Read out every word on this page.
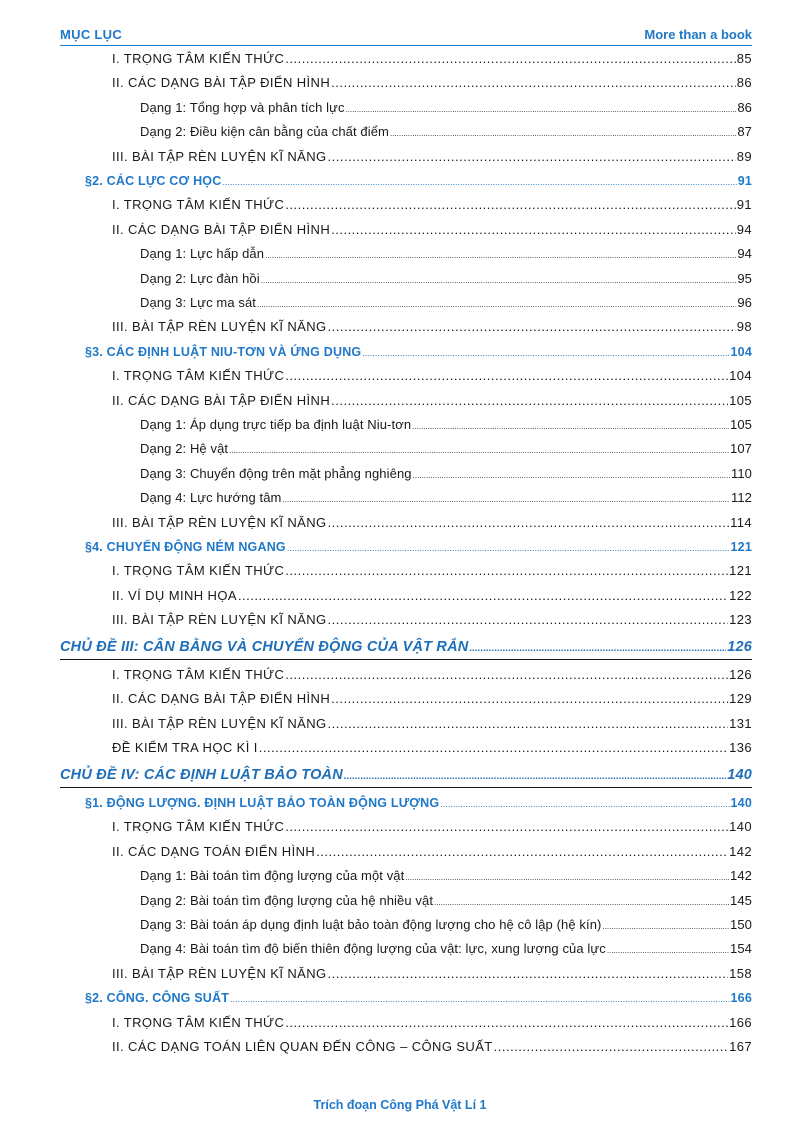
MỤC LỤC	More than a book
I. TRỌNG TÂM KIẾN THỨC .....	85
II. CÁC DẠNG BÀI TẬP ĐIỂN HÌNH .....	86
Dạng 1: Tổng hợp và phân tích lực .....	86
Dạng 2: Điều kiện cân bằng của chất điểm .....	87
III. BÀI TẬP RÈN LUYỆN KĨ NĂNG .....	89
§2. CÁC LỰC CƠ HỌC .....	91
I. TRỌNG TÂM KIẾN THỨC .....	91
II. CÁC DẠNG BÀI TẬP ĐIỂN HÌNH .....	94
Dạng 1: Lực hấp dẫn .....	94
Dạng 2: Lực đàn hồi .....	95
Dạng 3: Lực ma sát .....	96
III. BÀI TẬP RÈN LUYỆN KĨ NĂNG .....	98
§3. CÁC ĐỊNH LUẬT NIU-TƠN VÀ ỨNG DỤNG .....	104
I. TRỌNG TÂM KIẾN THỨC .....	104
II. CÁC DẠNG BÀI TẬP ĐIỂN HÌNH .....	105
Dạng 1: Áp dụng trực tiếp ba định luật Niu-tơn .....	105
Dạng 2: Hệ vật .....	107
Dạng 3: Chuyển động trên mặt phẳng nghiêng .....	110
Dạng 4: Lực hướng tâm .....	112
III. BÀI TẬP RÈN LUYỆN KĨ NĂNG .....	114
§4. CHUYỂN ĐỘNG NÉM NGANG .....	121
I. TRỌNG TÂM KIẾN THỨC .....	121
II. VÍ DỤ MINH HỌA .....	122
III. BÀI TẬP RÈN LUYỆN KĨ NĂNG .....	123
CHỦ ĐỀ III: CÂN BẰNG VÀ CHUYỂN ĐỘNG CỦA VẬT RẮN .....	126
I. TRỌNG TÂM KIẾN THỨC .....	126
II. CÁC DẠNG BÀI TẬP ĐIỂN HÌNH .....	129
III. BÀI TẬP RÈN LUYỆN KĨ NĂNG .....	131
ĐỀ KIỂM TRA HỌC KÌ I .....	136
CHỦ ĐỀ IV: CÁC ĐỊNH LUẬT BẢO TOÀN .....	140
§1. ĐỘNG LƯỢNG. ĐỊNH LUẬT BẢO TOÀN ĐỘNG LƯỢNG .....	140
I. TRỌNG TÂM KIẾN THỨC .....	140
II. CÁC DẠNG TOÁN ĐIỂN HÌNH .....	142
Dạng 1: Bài toán tìm động lượng của một vật .....	142
Dạng 2: Bài toán tìm động lượng của hệ nhiều vật .....	145
Dạng 3: Bài toán áp dụng định luật bảo toàn động lượng cho hệ cô lập (hệ kín) .....	150
Dạng 4: Bài toán tìm độ biến thiên động lượng của vật: lực, xung lượng của lực .....	154
III. BÀI TẬP RÈN LUYỆN KĨ NĂNG .....	158
§2. CÔNG. CÔNG SUẤT .....	166
I. TRỌNG TÂM KIẾN THỨC .....	166
II. CÁC DẠNG TOÁN LIÊN QUAN ĐẾN CÔNG – CÔNG SUẤT .....	167
Trích đoạn Công Phá Vật Lí 1
